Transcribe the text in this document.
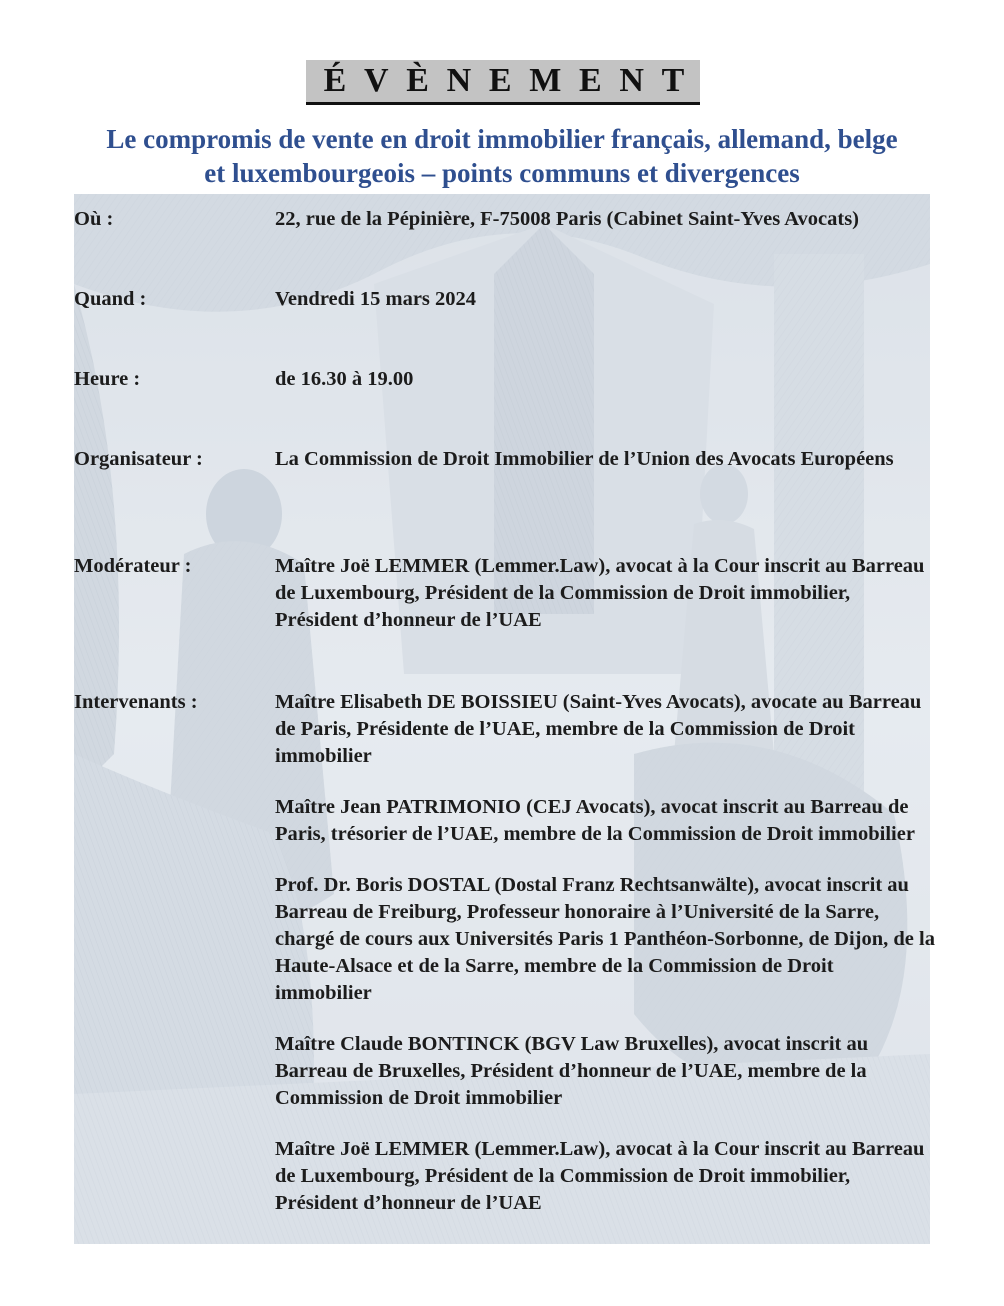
ÉVÈNEMENT
Le compromis de vente en droit immobilier français, allemand, belge
et luxembourgeois – points communs et divergences
Où :	22, rue de la Pépinière, F-75008 Paris (Cabinet Saint-Yves Avocats)
Quand :	Vendredi 15 mars 2024
Heure :	de 16.30 à 19.00
Organisateur :	La Commission de Droit Immobilier de l’Union des Avocats Européens
Modérateur :	Maître Joë LEMMER (Lemmer.Law), avocat à la Cour inscrit au Barreau de Luxembourg, Président de la Commission de Droit immobilier, Président d’honneur de l’UAE
Intervenants :	Maître Elisabeth DE BOISSIEU (Saint-Yves Avocats), avocate au Barreau de Paris, Présidente de l’UAE, membre de la Commission de Droit immobilier
Maître Jean PATRIMONIO (CEJ Avocats), avocat inscrit au Barreau de Paris, trésorier de l’UAE, membre de la Commission de Droit immobilier
Prof. Dr. Boris DOSTAL (Dostal Franz Rechtsanwälte), avocat inscrit au Barreau de Freiburg, Professeur honoraire à l’Université de la Sarre, chargé de cours aux Universités Paris 1 Panthéon-Sorbonne, de Dijon, de la Haute-Alsace et de la Sarre, membre de la Commission de Droit immobilier
Maître Claude BONTINCK (BGV Law Bruxelles), avocat inscrit au Barreau de Bruxelles, Président d’honneur de l’UAE, membre de la Commission de Droit immobilier
Maître Joë LEMMER (Lemmer.Law), avocat à la Cour inscrit au Barreau de Luxembourg, Président de la Commission de Droit immobilier, Président d’honneur de l’UAE
